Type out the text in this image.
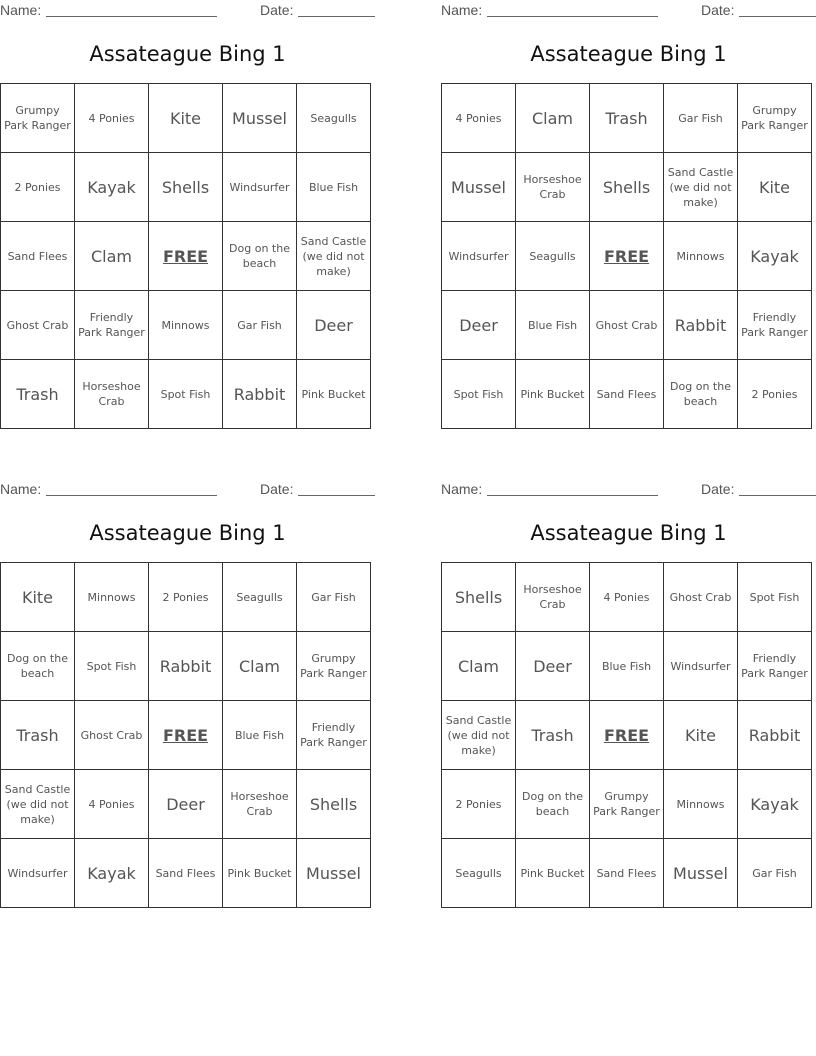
Name:	Date:
Assateague Bing 1
Grumpy Park Ranger	4 Ponies	Kite	Mussel	Seagulls
2 Ponies	Kayak	Shells	Windsurfer	Blue Fish
Sand Flees	Clam	FREE	Dog on the beach	Sand Castle (we did not make)
Ghost Crab	Friendly Park Ranger	Minnows	Gar Fish	Deer
Trash	Horseshoe Crab	Spot Fish	Rabbit	Pink Bucket
Name:	Date:
Assateague Bing 1
4 Ponies	Clam	Trash	Gar Fish	Grumpy Park Ranger
Mussel	Horseshoe Crab	Shells	Sand Castle (we did not make)	Kite
Windsurfer	Seagulls	FREE	Minnows	Kayak
Deer	Blue Fish	Ghost Crab	Rabbit	Friendly Park Ranger
Spot Fish	Pink Bucket	Sand Flees	Dog on the beach	2 Ponies
Name:	Date:
Assateague Bing 1
Kite	Minnows	2 Ponies	Seagulls	Gar Fish
Dog on the beach	Spot Fish	Rabbit	Clam	Grumpy Park Ranger
Trash	Ghost Crab	FREE	Blue Fish	Friendly Park Ranger
Sand Castle (we did not make)	4 Ponies	Deer	Horseshoe Crab	Shells
Windsurfer	Kayak	Sand Flees	Pink Bucket	Mussel
Name:	Date:
Assateague Bing 1
Shells	Horseshoe Crab	4 Ponies	Ghost Crab	Spot Fish
Clam	Deer	Blue Fish	Windsurfer	Friendly Park Ranger
Sand Castle (we did not make)	Trash	FREE	Kite	Rabbit
2 Ponies	Dog on the beach	Grumpy Park Ranger	Minnows	Kayak
Seagulls	Pink Bucket	Sand Flees	Mussel	Gar Fish
